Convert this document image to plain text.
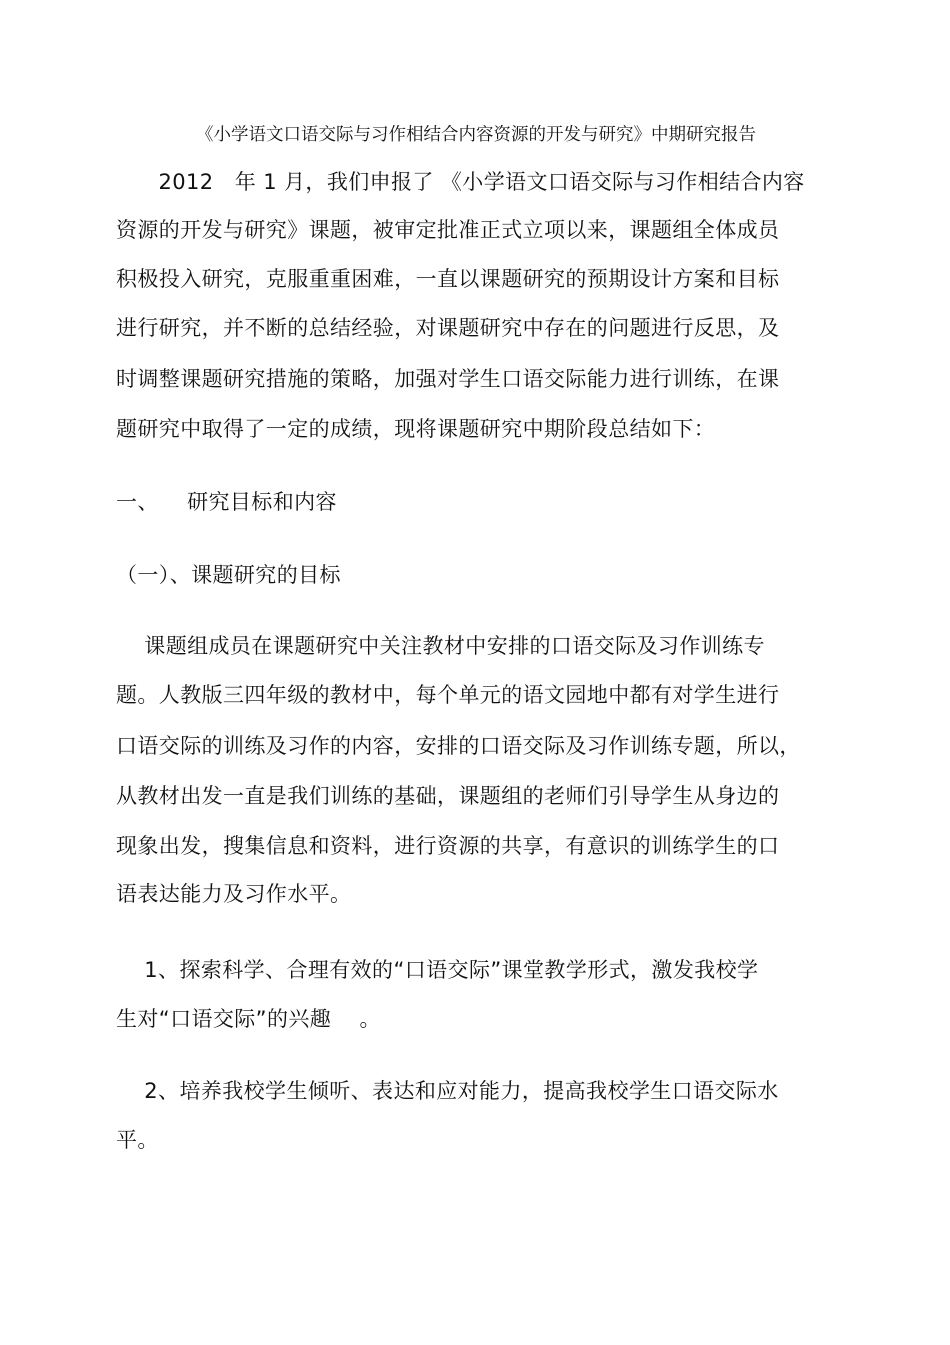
《小学语文口语交际与习作相结合内容资源的开发与研究》中期研究报告
2012   年 1 月，我们申报了 《小学语文口语交际与习作相结合内容
资源的开发与研究》课题，被审定批准正式立项以来，课题组全体成员
积极投入研究，克服重重困难，一直以课题研究的预期设计方案和目标
进行研究，并不断的总结经验，对课题研究中存在的问题进行反思，及
时调整课题研究措施的策略，加强对学生口语交际能力进行训练，在课
题研究中取得了一定的成绩，现将课题研究中期阶段总结如下：
一、    研究目标和内容
（一）、课题研究的目标
课题组成员在课题研究中关注教材中安排的口语交际及习作训练专
题。人教版三四年级的教材中，每个单元的语文园地中都有对学生进行
口语交际的训练及习作的内容，安排的口语交际及习作训练专题，所以，
从教材出发一直是我们训练的基础，课题组的老师们引导学生从身边的
现象出发，搜集信息和资料，进行资源的共享，有意识的训练学生的口
语表达能力及习作水平。
1、探索科学、合理有效的“口语交际”课堂教学形式，激发我校学
生对“口语交际”的兴趣    。
2、培养我校学生倾听、表达和应对能力，提高我校学生口语交际水
平。
